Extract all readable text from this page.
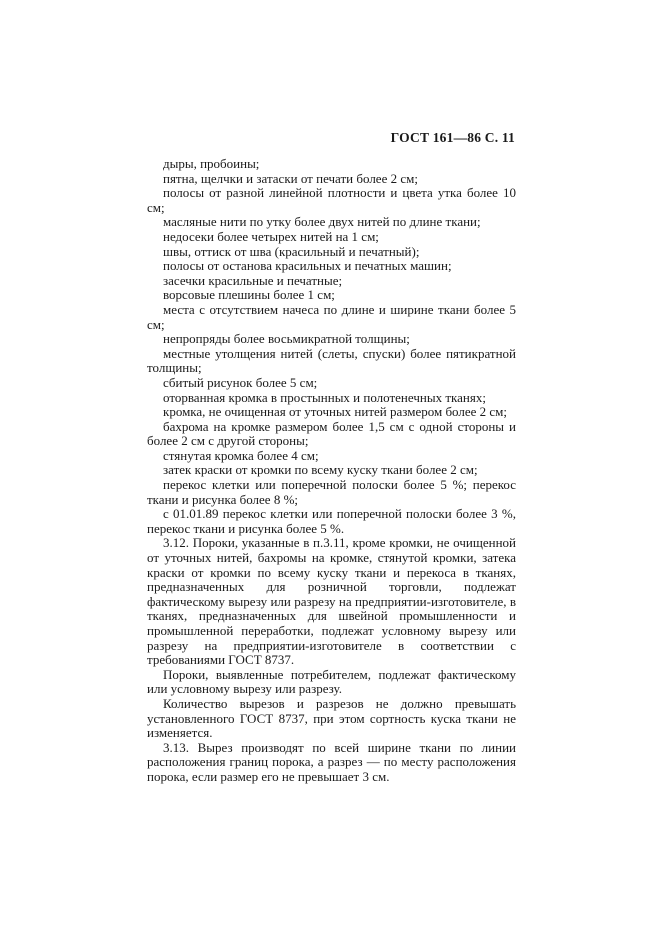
ГОСТ 161—86 С. 11

дыры, пробоины;

пятна, щелчки и затаски от печати более 2 см;

полосы от разной линейной плотности и цвета утка более 10 см;

масляные нити по утку более двух нитей по длине ткани;

недосеки более четырех нитей на 1 см;

швы, оттиск от шва (красильный и печатный);

полосы от останова красильных и печатных машин;

засечки красильные и печатные;

ворсовые плешины более 1 см;

места с отсутствием начеса по длине и ширине ткани более 5 см;

непропряды более восьмикратной толщины;

местные утолщения нитей (слеты, спуски) более пятикратной толщины;

сбитый рисунок более 5 см;

оторванная кромка в простынных и полотенечных тканях;

кромка, не очищенная от уточных нитей размером более 2 см;

бахрома на кромке размером более 1,5 см с одной стороны и более 2 см с другой стороны;

стянутая кромка более 4 см;

затек краски от кромки по всему куску ткани более 2 см;

перекос клетки или поперечной полоски более 5 %; перекос ткани и рисунка более 8 %;

с 01.01.89 перекос клетки или поперечной полоски более 3 %, перекос ткани и рисунка более 5 %.

3.12. Пороки, указанные в п.3.11, кроме кромки, не очищенной от уточных нитей, бахромы на кромке, стянутой кромки, затека краски от кромки по всему куску ткани и перекоса в тканях, предназначенных для розничной торговли, подлежат фактическому вырезу или разрезу на предприятии-изготовителе, в тканях, предназначенных для швейной промышленности и промышленной переработки, подлежат условному вырезу или разрезу на предприятии-изготовителе в соответствии с требованиями ГОСТ 8737.

Пороки, выявленные потребителем, подлежат фактическому или условному вырезу или разрезу.

Количество вырезов и разрезов не должно превышать установленного ГОСТ 8737, при этом сортность куска ткани не изменяется.

3.13. Вырез производят по всей ширине ткани по линии расположения границ порока, а разрез — по месту расположения порока, если размер его не превышает 3 см.
